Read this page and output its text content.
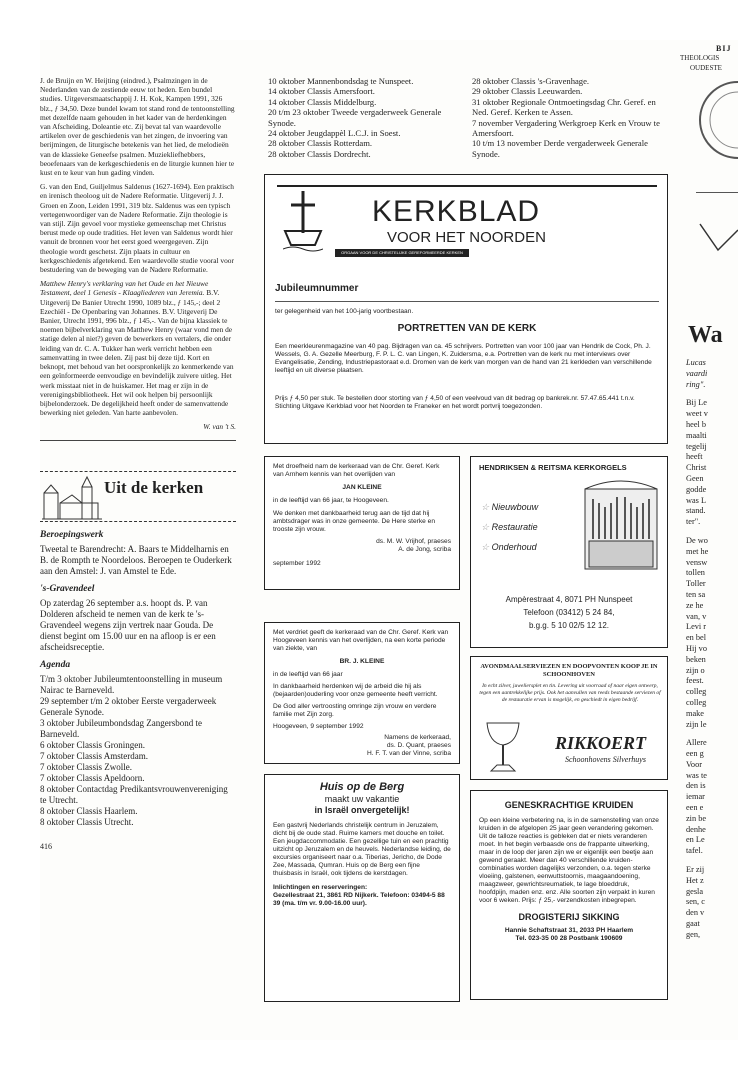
J. de Bruijn en W. Heijting (eindred.), Psalmzingen in de Nederlanden van de zestiende eeuw tot heden. Een bundel studies. Uitgeversmaatschappij J. H. Kok, Kampen 1991, 326 blz., ƒ 34,50. Deze bundel kwam tot stand rond de tentoonstelling met dezelfde naam gehouden in het kader van de herdenkingen van Afscheiding, Doleantie etc. Zij bevat tal van waardevolle artikelen over de geschiedenis van het zingen, de invoering van berijmingen, de liturgische betekenis van het lied, de melodieën van de klassieke Geneefse psalmen. Muziekliefhebbers, beoefenaars van de kerkgeschiedenis en de liturgie kunnen hier te kust en te keur van hun gading vinden.

G. van den End, Guiljelmus Saldenus (1627-1694). Een praktisch en irenisch theoloog uit de Nadere Reformatie. Uitgeverij J. J. Groen en Zoon, Leiden 1991, 319 blz. Saldenus was een typisch vertegenwoordiger van de Nadere Reformatie. Zijn theologie is van stijl. Zijn gevoel voor mystieke gemeenschap met Christus berust mede op oude tradities. Het leven van Saldenus wordt hier vanuit de bronnen voor het eerst goed weergegeven. Zijn theologie wordt geschetst. Zijn plaats in cultuur en kerkgeschiedenis afgetekend. Een waardevolle studie vooral voor bestudering van de beweging van de Nadere Reformatie.

Matthew Henry's verklaring van het Oude en het Nieuwe Testament, deel 1 Genesis - Klaagliederen van Jeremia. B.V. Uitgeverij De Banier Utrecht 1990, 1089 blz., ƒ 145,-; deel 2 Ezechiël - De Openbaring van Johannes. B.V. Uitgeverij De Banier, Utrecht 1991, 996 blz., ƒ 145,-. Van de bijna klassiek te noemen bijbelverklaring van Matthew Henry (waar vond men de statige delen al niet?) geven de bewerkers en vertalers, die onder leiding van dr. C. A. Tukker han werk verricht hebben een samenvatting in twee delen. Zij past bij deze tijd. Kort en beknopt, met behoud van het oorspronkelijk zo kenmerkende van een geïnformeerde eenvoudige en bevindelijk zuivere uitleg. Het werk misstaat niet in de huiskamer. Het mag er zijn in de verenigingsbibliotheek. Het wil ook helpen bij persoonlijk bijbelonderzoek. De degelijkheid heeft onder de samenvattende bewerking niet geleden. Van harte aanbevolen.

W. van 't S.
Uit de kerken
Beroepingswerk

Tweetal te Barendrecht: A. Baars te Middelharnis en B. de Rompth te Noordeloos. Beroepen te Ouderkerk aan den Amstel: J. van Amstel te Ede.

's-Gravendeel

Op zaterdag 26 september a.s. hoopt ds. P. van Dolderen afscheid te nemen van de kerk te 's-Gravendeel wegens zijn vertrek naar Gouda. De dienst begint om 15.00 uur en na afloop is er een afscheidsreceptie.

Agenda
T/m 3 oktober Jubileumtentoonstelling in museum Nairac te Barneveld.
29 september t/m 2 oktober Eerste vergaderweek Generale Synode.
3 oktober Jubileumbondsdag Zangersbond te Barneveld.
6 oktober Classis Groningen.
7 oktober Classis Amsterdam.
7 oktober Classis Zwolle.
7 oktober Classis Apeldoorn.
8 oktober Contactdag Predikantsvrouwenvereniging te Utrecht.
8 oktober Classis Haarlem.
8 oktober Classis Utrecht.
416
10 oktober Mannenbondsdag te Nunspeet.
14 oktober Classis Amersfoort.
14 oktober Classis Middelburg.
20 t/m 23 oktober Tweede vergaderweek Generale Synode.
24 oktober Jeugdappèl L.C.J. in Soest.
28 oktober Classis Rotterdam.
28 oktober Classis Dordrecht.
28 oktober Classis 's-Gravenhage.
29 oktober Classis Leeuwarden.
31 oktober Regionale Ontmoetingsdag Chr. Geref. en Ned. Geref. Kerken te Assen.
7 november Vergadering Werkgroep Kerk en Vrouw te Amersfoort.
10 t/m 13 november Derde vergaderweek Generale Synode.
KERKBLAD
VOOR HET NOORDEN
ORGAAN VOOR DE CHRISTELIJKE GEREFORMEERDE KERKEN
Jubileumnummer
ter gelegenheid van het 100-jarig voortbestaan.
PORTRETTEN VAN DE KERK
Een meerkleurenmagazine van 40 pag. Bijdragen van ca. 45 schrijvers. Portretten van voor 100 jaar van Hendrik de Cock, Ph. J. Wessels, G. A. Gezelle Meerburg, F. P. L. C. van Lingen, K. Zuidersma, e.a. Portretten van de kerk nu met interviews over Evangelisatie, Zending, Industriepastoraat e.d. Dromen van de kerk van morgen van de hand van 21 kerkleden van verschillende leeftijd en uit diverse plaatsen.
Prijs ƒ 4,50 per stuk. Te bestellen door storting van ƒ 4,50 of een veelvoud van dit bedrag op bankrek.nr. 57.47.65.441 t.n.v. Stichting Uitgave Kerkblad voor het Noorden te Franeker en het wordt portvrij toegezonden.
Met droefheid nam de kerkeraad van de Chr. Geref. Kerk van Arnhem kennis van het overlijden van
JAN KLEINE
in de leeftijd van 66 jaar, te Hoogeveen.
We denken met dankbaarheid terug aan de tijd dat hij ambtsdrager was in onze gemeente. De Here sterke en trooste zijn vrouw.
ds. M. W. Vrijhof, praeses
A. de Jong, scriba
september 1992
HENDRIKSEN & REITSMA KERKORGELS
☆ Nieuwbouw
☆ Restauratie
☆ Onderhoud
Ampèrestraat 4, 8071 PH Nunspeet
Telefoon (03412) 5 24 84,
b.g.g. 5 10 02/5 12 12.
Met verdriet geeft de kerkeraad van de Chr. Geref. Kerk van Hoogeveen kennis van het overlijden, na een korte periode van ziekte, van
BR. J. KLEINE
in de leeftijd van 66 jaar
In dankbaarheid herdenken wij de arbeid die hij als (bejaarden)ouderling voor onze gemeente heeft verricht.
De God aller vertroosting omringe zijn vrouw en verdere familie met Zijn zorg.
Hoogeveen, 9 september 1992
Namens de kerkeraad,
ds. D. Quant, praeses
H. F. T. van der Vinne, scriba
AVONDMAALSERVIEZEN EN DOOPVONTEN KOOP JE IN SCHOONHOVEN
In echt zilver, juweliersplet en tin. Levering uit voorraad of naar eigen ontwerp, tegen een aantrekkelijke prijs. Ook het aanvullen van reeds bestaande serviezen of de restauratie ervan is mogelijk, en geschiedt in eigen bedrijf.
RIKKOERT
Schoonhovens Silverhuys
Huis op de Berg
maakt uw vakantie
in Israël onvergetelijk!
Een gastvrij Nederlands christelijk centrum in Jeruzalem, dicht bij de oude stad. Ruime kamers met douche en toilet. Een jeugdaccommodatie. Een gezellige tuin en een prachtig uitzicht op Jeruzalem en de heuvels. Nederlandse leiding, de excursies organiseert naar o.a. Tiberias, Jericho, de Dode Zee, Massada, Qumran. Huis op de Berg een fijne thuisbasis in Israël, ook tijdens de kerstdagen.
Inlichtingen en reserveringen:
Gezellestraat 21, 3861 RD Nijkerk. Telefoon: 03494-5 88 39 (ma. t/m vr. 9.00-16.00 uur).
GENESKRACHTIGE KRUIDEN
Op een kleine verbetering na, is in de samenstelling van onze kruiden in de afgelopen 25 jaar geen verandering gekomen. Uit de talloze reacties is gebleken dat er niets veranderen moet. In het begin verbaasde ons de frappante uitwerking, maar in de loop der jaren zijn we er eigenlijk een beetje aan gewend geraakt. Meer dan 40 verschillende kruiden-combinaties worden dagelijks verzonden, o.a. tegen sterke vloeiing, galstenen, eenwuttstoornis, maagaandoening, maagzweer, gewrichtsreumatiek, te lage bloeddruk, hoofdpijn, maden enz. enz. Alle soorten zijn verpakt in kuren voor 6 weken. Prijs: ƒ 25,- verzendkosten inbegrepen.
DROGISTERIJ SIKKING
Hannie Schaftstraat 31, 2033 PH Haarlem
Tel. 023-35 00 28 Postbank 190609
BIJ
THEOLOGIS
OUDESTE
Wa
Lucas
vaardi
ring".
Bij Le
weet v
heel b
maalti
tegelij
heeft
Christ
Geen
godde
was L
stand.
ter".
De wo
met he
vensw
tollen
Toller
ten sa
ze he
van, v
Levi r
en bel
Hij vo
beken
zijn o
feest.
colleg
colleg
make
zijn le
Allere
een g
Voor
was te
den is
iemar
een e
zin be
denhe
en Le
tafel.
Er zij
Het z
gesla
sen, c
den v
gaat
gen,
